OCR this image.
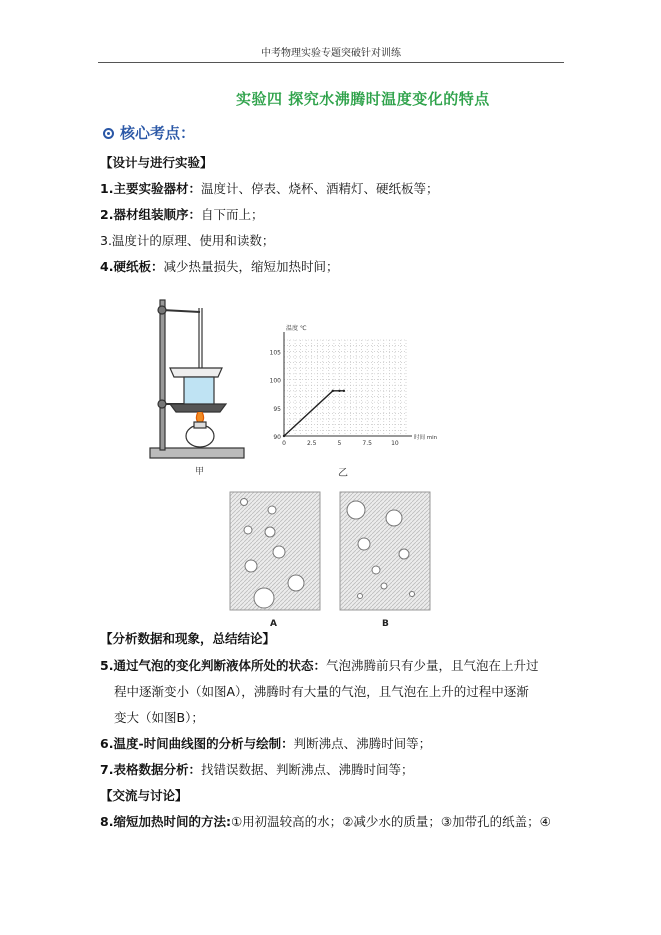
中考物理实验专题突破针对训练
实验四 探究水沸腾时温度变化的特点
核心考点：
【设计与进行实验】
1.主要实验器材：温度计、停表、烧杯、酒精灯、硬纸板等；
2.器材组装顺序：自下而上；
3.温度计的原理、使用和读数；
4.硬纸板：减少热量损失，缩短加热时间；
甲
105
100
95
90
0	2.5	5	7.5	10
温度 ℃
时间 min
乙
A	B
【分析数据和现象，总结结论】
5.通过气泡的变化判断液体所处的状态：气泡沸腾前只有少量，且气泡在上升过
程中逐渐变小（如图A），沸腾时有大量的气泡，且气泡在上升的过程中逐渐
变大（如图B）；
6.温度-时间曲线图的分析与绘制：判断沸点、沸腾时间等；
7.表格数据分析：找错误数据、判断沸点、沸腾时间等；
【交流与讨论】
8.缩短加热时间的方法:①用初温较高的水；②减少水的质量；③加带孔的纸盖；④
